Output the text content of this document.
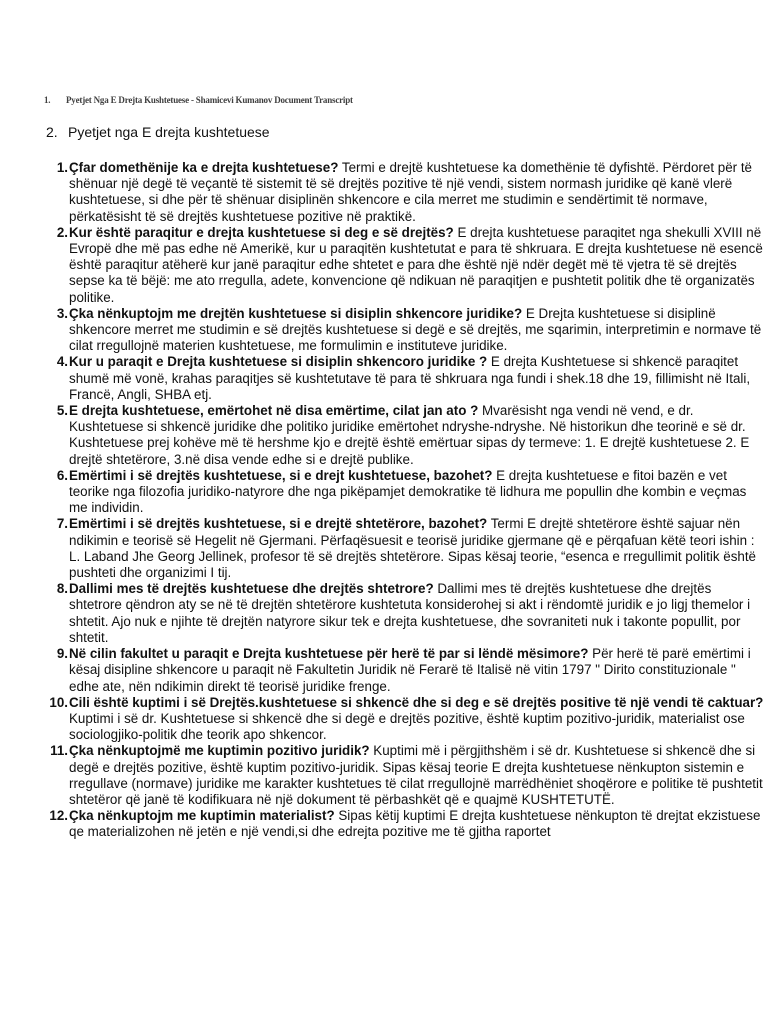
1. Pyetjet Nga E Drejta Kushtetuese - Shamicevi Kumanov Document Transcript
2. Pyetjet nga E drejta kushtetuese

1. Çfar domethënije ka e drejta kushtetuese? Termi e drejtë kushtetuese ka domethënie të dyfishtë. Përdoret për të shënuar një degë të veçantë të sistemit të së drejtës pozitive të një vendi, sistem normash juridike që kanë vlerë kushtetuese, si dhe për të shënuar disiplinën shkencore e cila merret me studimin e sendërtimit të normave, përkatësisht të së drejtës kushtetuese pozitive në praktikë.

2. Kur është paraqitur e drejta kushtetuese si deg e së drejtës? E drejta kushtetuese paraqitet nga shekulli XVIII në Evropë dhe më pas edhe në Amerikë, kur u paraqitën kushtetutat e para të shkruara. E drejta kushtetuese në esencë është paraqitur atëherë kur janë paraqitur edhe shtetet e para dhe është një ndër degët më të vjetra të së drejtës sepse ka të bëjë: me ato rregulla, adete, konvencione që ndikuan në paraqitjen e pushtetit politik dhe të organizatës politike.

3. Çka nënkuptojm me drejtën kushtetuese si disiplin shkencore juridike? E Drejta kushtetuese si disiplinë shkencore merret me studimin e së drejtës kushtetuese si degë e së drejtës, me sqarimin, interpretimin e normave të cilat rregullojnë materien kushtetuese, me formulimin e instituteve juridike.

4. Kur u paraqit e Drejta kushtetuese si disiplin shkencoro juridike ? E drejta Kushtetuese si shkencë paraqitet shumë më vonë, krahas paraqitjes së kushtetutave të para të shkruara nga fundi i shek.18 dhe 19, fillimisht në Itali, Francë, Angli, SHBA etj.

5. E drejta kushtetuese, emërtohet në disa emërtime, cilat jan ato ? Mvarësisht nga vendi në vend, e dr. Kushtetuese si shkencë juridike dhe politiko juridike emërtohet ndryshe-ndryshe. Në historikun dhe teorinë e së dr. Kushtetuese prej kohëve më të hershme kjo e drejtë është emërtuar sipas dy termeve: 1. E drejtë kushtetuese 2. E drejtë shtetërore, 3.në disa vende edhe si e drejtë publike.

6. Emërtimi i së drejtës kushtetuese, si e drejt kushtetuese, bazohet? E drejta kushtetuese e fitoi bazën e vet teorike nga filozofia juridiko-natyrore dhe nga pikëpamjet demokratike të lidhura me popullin dhe kombin e veçmas me individin.

7. Emërtimi i së drejtës kushtetuese, si e drejtë shtetërore, bazohet? Termi E drejtë shtetërore është sajuar nën ndikimin e teorisë së Hegelit në Gjermani. Përfaqësuesit e teorisë juridike gjermane që e përqafuan këtë teori ishin : L. Laband Jhe Georg Jellinek, profesor të së drejtës shtetërore. Sipas kësaj teorie, “esenca e rregullimit politik është pushteti dhe organizimi I tij.

8. Dallimi mes të drejtës kushtetuese dhe drejtës shtetrore? Dallimi mes të drejtës kushtetuese dhe drejtës shtetrore qëndron aty se në të drejtën shtetërore kushtetuta konsiderohej si akt i rëndomtë juridik e jo ligj themelor i shtetit. Ajo nuk e njihte të drejtën natyrore sikur tek e drejta kushtetuese, dhe sovraniteti nuk i takonte popullit, por shtetit.

9. Në cilin fakultet u paraqit e Drejta kushtetuese për herë të par si lëndë mësimore? Për herë të parë emërtimi i kësaj disipline shkencore u paraqit në Fakultetin Juridik në Ferarë të Italisë në vitin 1797 " Dirito constituzionale " edhe ate, nën ndikimin direkt të teorisë juridike frenge.

10. Cili është kuptimi i së Drejtës.kushtetuese si shkencë dhe si deg e së drejtës positive të një vendi të caktuar? Kuptimi i së dr. Kushtetuese si shkencë dhe si degë e drejtës pozitive, është kuptim pozitivo-juridik, materialist ose sociologjiko-politik dhe teorik apo shkencor.

11. Çka nënkuptojmë me kuptimin pozitivo juridik? Kuptimi më i përgjithshëm i së dr. Kushtetuese si shkencë dhe si degë e drejtës pozitive, është kuptim pozitivo-juridik. Sipas kësaj teorie E drejta kushtetuese nënkupton sistemin e rregullave (normave) juridike me karakter kushtetues të cilat rregullojnë marrëdhëniet shoqërore e politike të pushtetit shtetëror që janë të kodifikuara në një dokument të përbashkët që e quajmë KUSHTETUTË.

12. Çka nënkuptojm me kuptimin materialist? Sipas këtij kuptimi E drejta kushtetuese nënkupton të drejtat ekzistuese qe materializohen në jetën e një vendi,si dhe edrejta pozitive me të gjitha raportet
